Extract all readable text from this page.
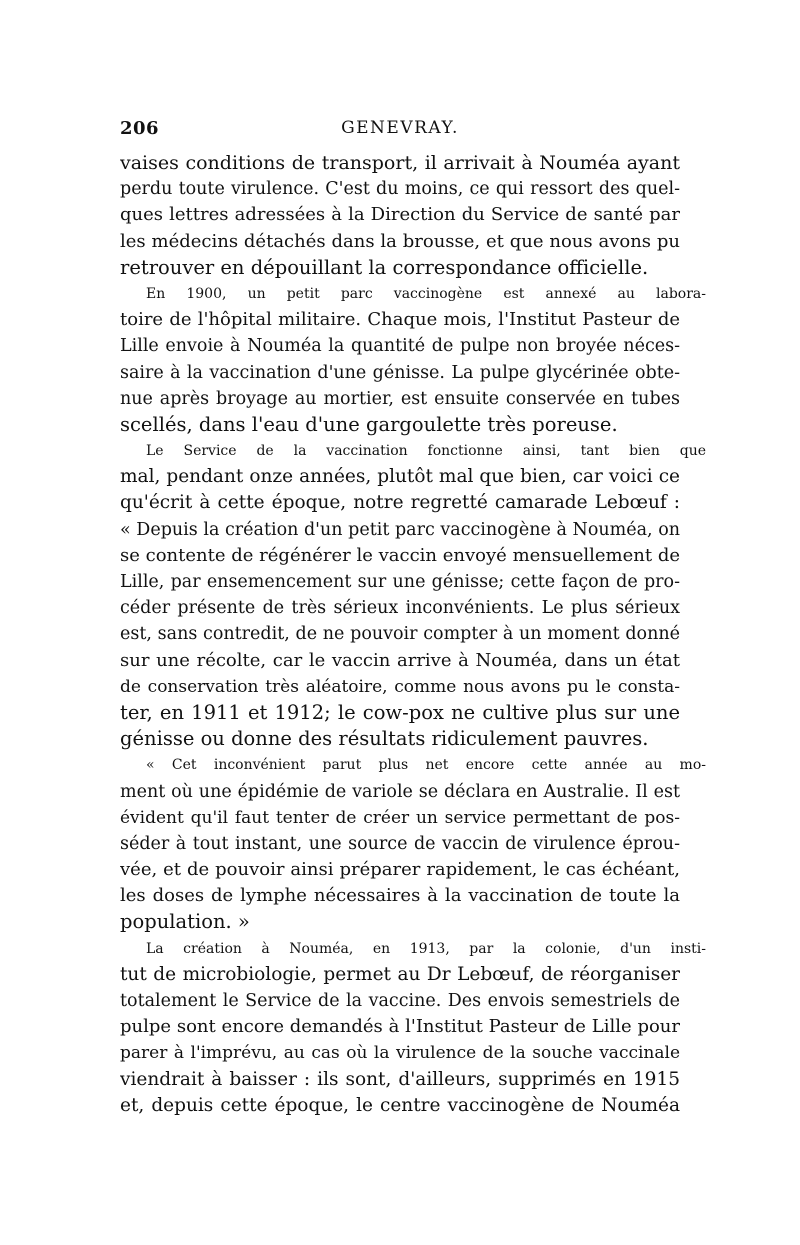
206	GENEVRAY.
vaises conditions de transport, il arrivait à Nouméa ayant
perdu toute virulence. C'est du moins, ce qui ressort des quel-
ques lettres adressées à la Direction du Service de santé par
les médecins détachés dans la brousse, et que nous avons pu
retrouver en dépouillant la correspondance officielle.
En 1900, un petit parc vaccinogène est annexé au labora-
toire de l'hôpital militaire. Chaque mois, l'Institut Pasteur de
Lille envoie à Nouméa la quantité de pulpe non broyée néces-
saire à la vaccination d'une génisse. La pulpe glycérinée obte-
nue après broyage au mortier, est ensuite conservée en tubes
scellés, dans l'eau d'une gargoulette très poreuse.
Le Service de la vaccination fonctionne ainsi, tant bien que
mal, pendant onze années, plutôt mal que bien, car voici ce
qu'écrit à cette époque, notre regretté camarade Lebœuf :
« Depuis la création d'un petit parc vaccinogène à Nouméa, on
se contente de régénérer le vaccin envoyé mensuellement de
Lille, par ensemencement sur une génisse; cette façon de pro-
céder présente de très sérieux inconvénients. Le plus sérieux
est, sans contredit, de ne pouvoir compter à un moment donné
sur une récolte, car le vaccin arrive à Nouméa, dans un état
de conservation très aléatoire, comme nous avons pu le consta-
ter, en 1911 et 1912; le cow-pox ne cultive plus sur une
génisse ou donne des résultats ridiculement pauvres.
« Cet inconvénient parut plus net encore cette année au mo-
ment où une épidémie de variole se déclara en Australie. Il est
évident qu'il faut tenter de créer un service permettant de pos-
séder à tout instant, une source de vaccin de virulence éprou-
vée, et de pouvoir ainsi préparer rapidement, le cas échéant,
les doses de lymphe nécessaires à la vaccination de toute la
population. »
La création à Nouméa, en 1913, par la colonie, d'un insti-
tut de microbiologie, permet au Dr Lebœuf, de réorganiser
totalement le Service de la vaccine. Des envois semestriels de
pulpe sont encore demandés à l'Institut Pasteur de Lille pour
parer à l'imprévu, au cas où la virulence de la souche vaccinale
viendrait à baisser : ils sont, d'ailleurs, supprimés en 1915
et, depuis cette époque, le centre vaccinogène de Nouméa
